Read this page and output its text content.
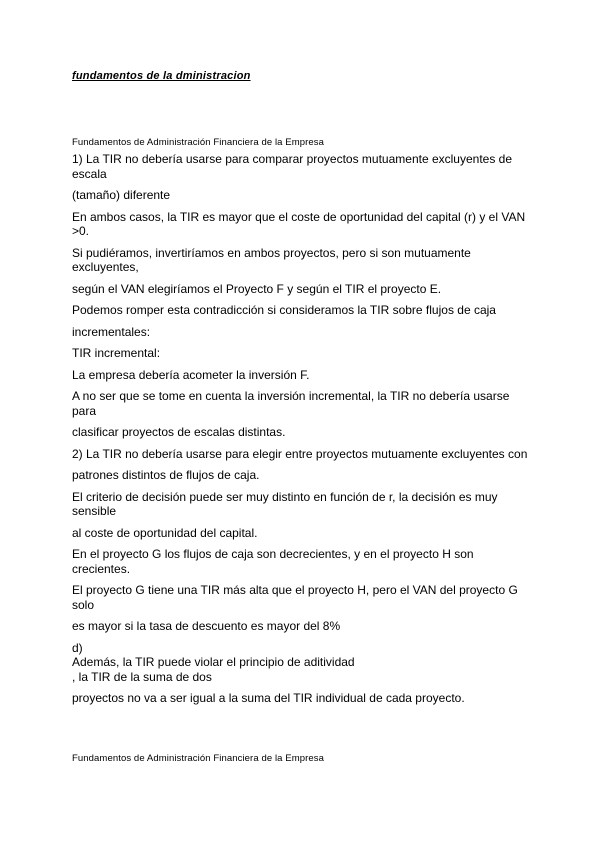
fundamentos de la dministracion
Fundamentos de Administración Financiera de la Empresa

1) La TIR no debería usarse para comparar proyectos mutuamente excluyentes de escala

(tamaño) diferente

En ambos casos, la TIR es mayor que el coste de oportunidad del capital (r) y el VAN >0.

Si pudiéramos, invertiríamos en ambos proyectos, pero si son mutuamente excluyentes,

según el VAN elegiríamos el Proyecto F y según el TIR el proyecto E.

Podemos romper esta contradicción si consideramos la TIR sobre flujos de caja

incrementales:

TIR incremental:

La empresa debería acometer la inversión F.

A no ser que se tome en cuenta la inversión incremental, la TIR no debería usarse para

clasificar proyectos de escalas distintas.

2) La TIR no debería usarse para elegir entre proyectos mutuamente excluyentes con

patrones distintos de flujos de caja.

El criterio de decisión puede ser muy distinto en función de r, la decisión es muy sensible

al coste de oportunidad del capital.

En el proyecto G los flujos de caja son decrecientes, y en el proyecto H son crecientes.

El proyecto G tiene una TIR más alta que el proyecto H, pero el VAN del proyecto G solo

es mayor si la tasa de descuento es mayor del 8%

d)

Además, la TIR puede violar el principio de aditividad

, la TIR de la suma de dos

proyectos no va a ser igual a la suma del TIR individual de cada proyecto.

Fundamentos de Administración Financiera de la Empresa
